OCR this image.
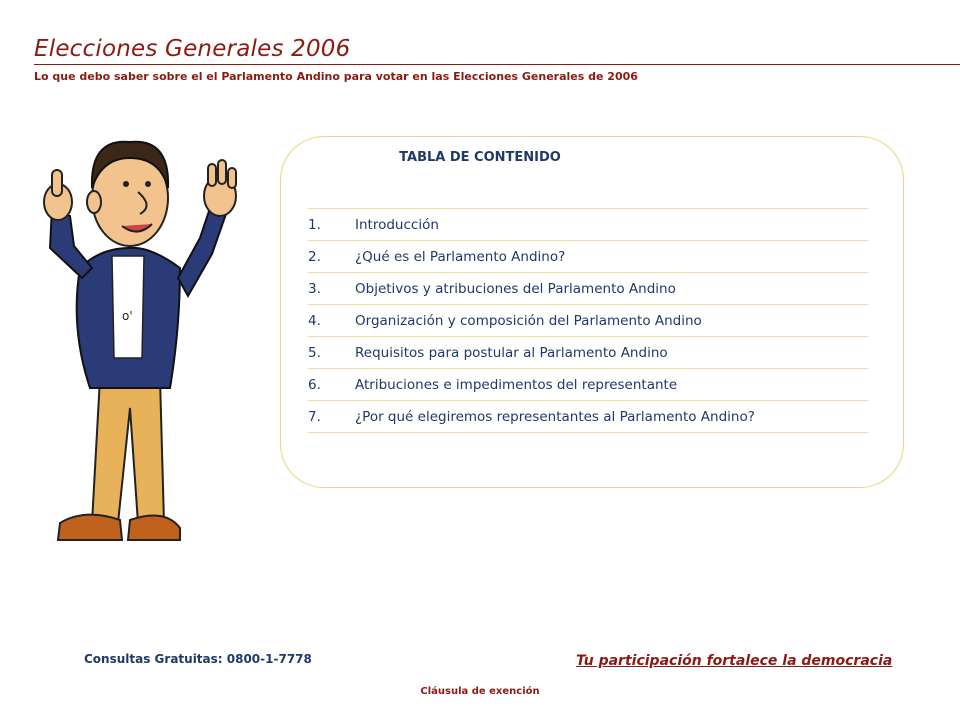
Elecciones Generales 2006
Lo que debo saber sobre el el Parlamento Andino para votar en las Elecciones Generales de 2006
o'
TABLA DE CONTENIDO
1.	Introducción
2.	¿Qué es el Parlamento Andino?
3.	Objetivos y atribuciones del Parlamento Andino
4.	Organización y composición del Parlamento Andino
5.	Requisitos para postular al Parlamento Andino
6.	Atribuciones e impedimentos del representante
7.	¿Por qué elegiremos representantes al Parlamento Andino?
Consultas Gratuitas: 0800-1-7778	Tu participación fortalece la democracia
Cláusula de exención
